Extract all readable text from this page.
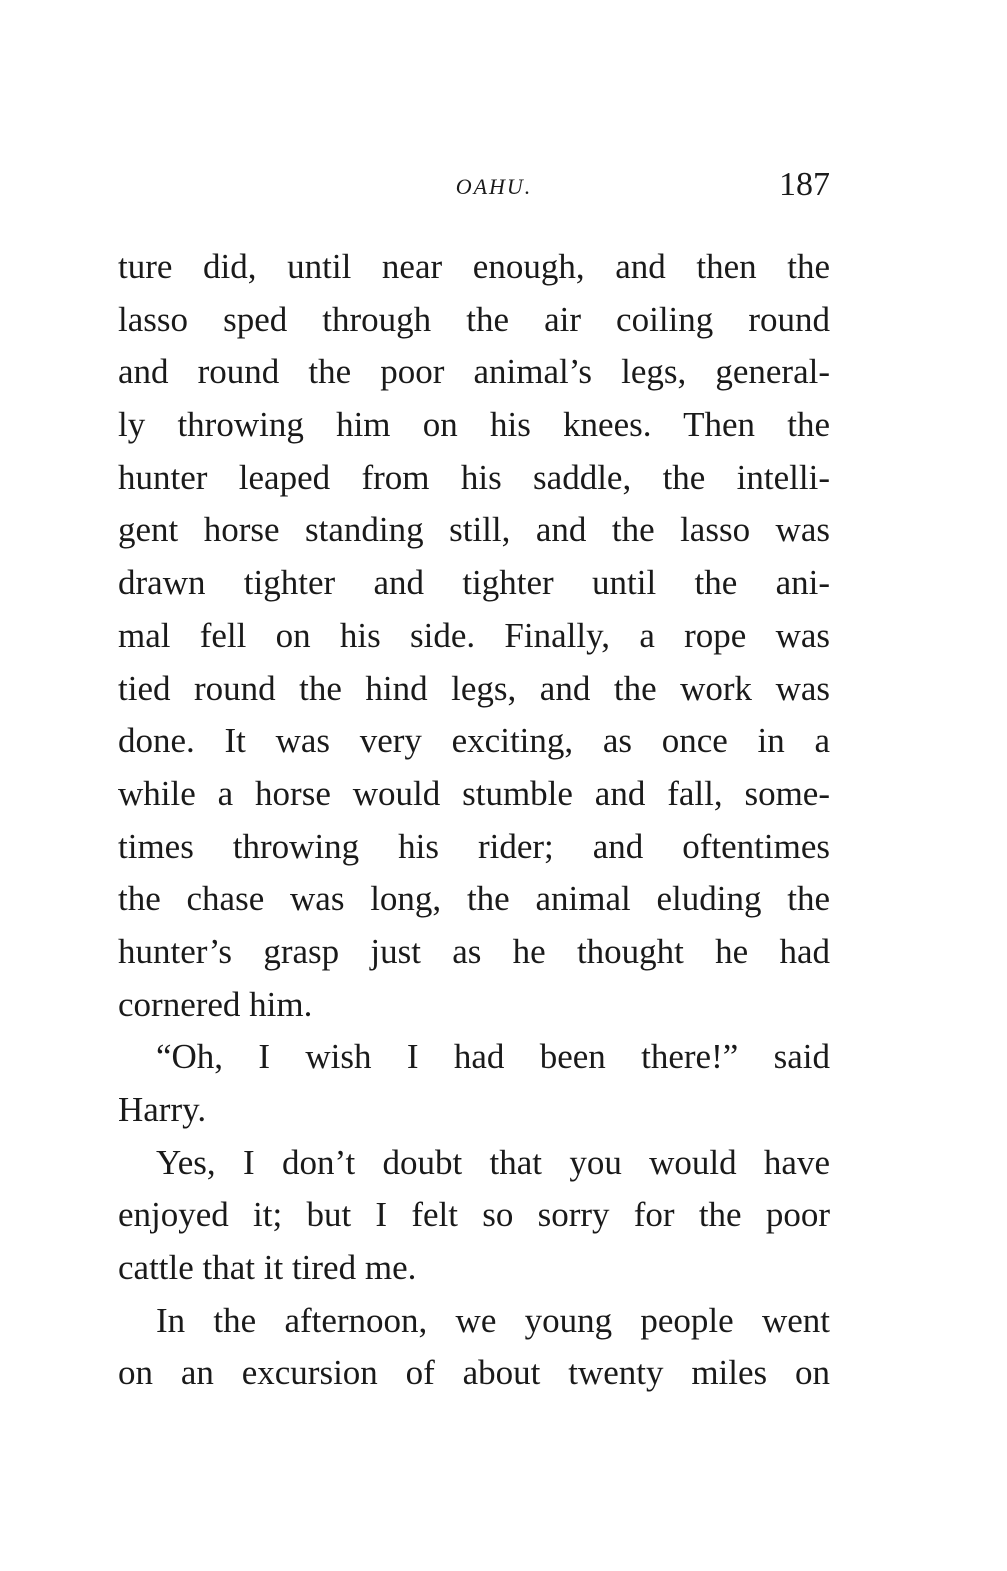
OAHU.	187
ture did, until near enough, and then the
lasso sped through the air coiling round
and round the poor animal’s legs, general-
ly throwing him on his knees. Then the
hunter leaped from his saddle, the intelli-
gent horse standing still, and the lasso was
drawn tighter and tighter until the ani-
mal fell on his side. Finally, a rope was
tied round the hind legs, and the work was
done. It was very exciting, as once in a
while a horse would stumble and fall, some-
times throwing his rider; and oftentimes
the chase was long, the animal eluding the
hunter’s grasp just as he thought he had
cornered him.
“Oh, I wish I had been there!” said
Harry.
Yes, I don’t doubt that you would have
enjoyed it; but I felt so sorry for the poor
cattle that it tired me.
In the afternoon, we young people went
on an excursion of about twenty miles on
